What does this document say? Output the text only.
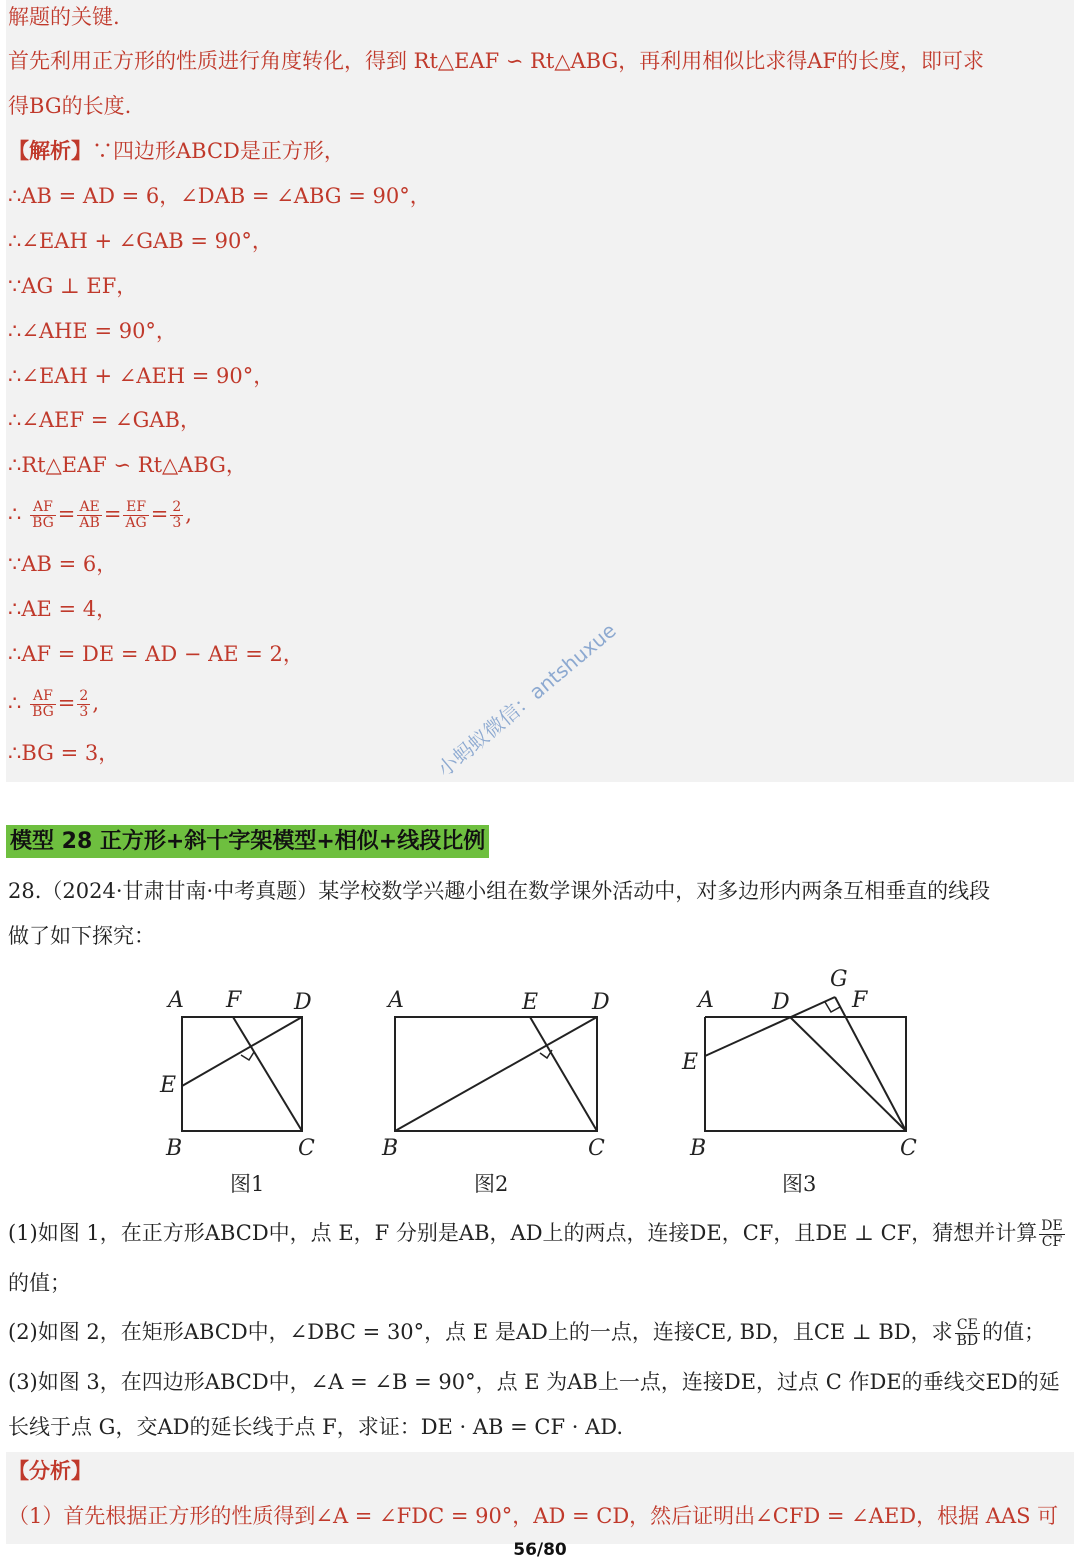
解题的关键.
首先利用正方形的性质进行角度转化，得到 Rt△EAF ∽ Rt△ABG，再利用相似比求得AF的长度，即可求
得BG的长度.
【解析】∵四边形ABCD是正方形，
∴AB = AD = 6，∠DAB = ∠ABG = 90°，
∴∠EAH + ∠GAB = 90°，
∵AG ⊥ EF，
∴∠AHE = 90°，
∴∠EAH + ∠AEH = 90°，
∴∠AEF = ∠GAB，
∴Rt△EAF ∽ Rt△ABG，
∴ $\frac{AF}{BG} = \frac{AE}{AB} = \frac{EF}{AG} = \frac{2}{3}$ ,
∵AB = 6，
∴AE = 4，
∴AF = DE = AD − AE = 2，
∴ $\frac{AF}{BG} = \frac{2}{3}$ ,
∴BG = 3，	小蚂蚁微信：antshuxue
模型 28 正方形+斜十字架模型+相似+线段比例
28.（2024·甘肃甘南·中考真题）某学校数学兴趣小组在数学课外活动中，对多边形内两条互相垂直的线段
做了如下探究：
A F D
E
B	C
图1
A	E D
B	C
图2
G
A	D	F
E
B	C
图3
(1)如图 1，在正方形ABCD中，点 E，F 分别是AB，AD上的两点，连接DE，CF，且DE ⊥ CF，猜想并计算 $\frac{DE}{CF}$
的值；
(2)如图 2，在矩形ABCD中，∠DBC = 30°，点 E 是AD上的一点，连接CE, BD，且CE ⊥ BD，求 $\frac{CE}{BD}$ 的值；
(3)如图 3，在四边形ABCD中，∠A = ∠B = 90°，点 E 为AB上一点，连接DE，过点 C 作DE的垂线交ED的延
长线于点 G，交AD的延长线于点 F，求证：DE · AB = CF · AD.
【分析】
（1）首先根据正方形的性质得到∠A = ∠FDC = 90°，AD = CD，然后证明出∠CFD = ∠AED，根据 AAS 可
56/80
